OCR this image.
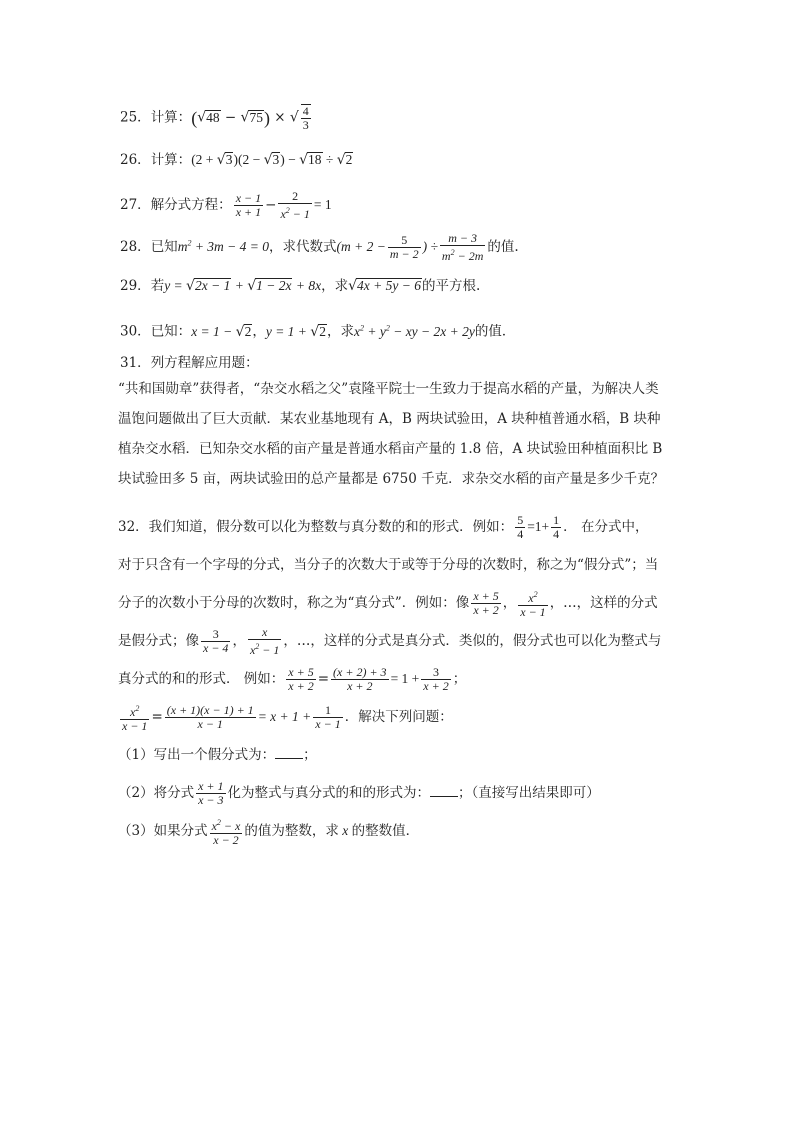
25．计算：(√48 − √75) × √ $\frac{4}{3}$
26．计算：(2 + √3)(2 − √3) − √18 ÷ √2
27．解分式方程： $\frac{x - 1}{x + 1} - \frac{2}{x^2 - 1} = 1$
28．已知$m^2 + 3m - 4 = 0$，求代数式($m + 2 - \frac{5}{m - 2}$ ) ÷ $\frac{m - 3}{m^2 - 2m}$ 的值.
29．若y = √2x − 1 + √1 − 2x + 8x，求√4x + 5y − 6的平方根.
30．已知：x = 1 − √2，y = 1 + √2，求$x^2 + y^2$ − xy − 2x + 2y的值．
31．列方程解应用题：
“共和国勋章”获得者，“杂交水稻之父”袁隆平院士一生致力于提高水稻的产量，为解决人类
温饱问题做出了巨大贡献．某农业基地现有 A，B 两块试验田，A 块种植普通水稻，B 块种
植杂交水稻．已知杂交水稻的亩产量是普通水稻亩产量的 1.8 倍，A 块试验田种植面积比 B
块试验田多 5 亩，两块试验田的总产量都是 6750 千克．求杂交水稻的亩产量是多少千克？
32．我们知道，假分数可以化为整数与真分数的和的形式．例如： $\frac{5}{4} =1+ \frac{1}{4}$ ． 在分式中，
对于只含有一个字母的分式，当分子的次数大于或等于分母的次数时，称之为“假分式”；当
分子的次数小于分母的次数时，称之为“真分式”．例如：像 $\frac{x + 5}{x + 2}$ ， $\frac{x^2}{x - 1}$ ，…，这样的分式
是假分式；像 $\frac{3}{x - 4}$ ， $\frac{x}{x^2 - 1}$ ，…，这样的分式是真分式．类似的，假分式也可以化为整式与
真分式的和的形式． 例如： $\frac{x + 5}{x + 2} = \frac{(x + 2) + 3}{x + 2} = 1 + \frac{3}{x + 2}$ ；
$\frac{x^2}{x - 1} = \frac{(x + 1)(x - 1) + 1}{x - 1} = x + 1 + \frac{1}{x - 1}$ ．解决下列问题：
（1）写出一个假分式为： ；
（2）将分式 $\frac{x + 1}{x - 3}$ 化为整式与真分式的和的形式为： ；（直接写出结果即可）
（3）如果分式 $\frac{x^2 - x}{x - 2}$ 的值为整数，求 x 的整数值．
